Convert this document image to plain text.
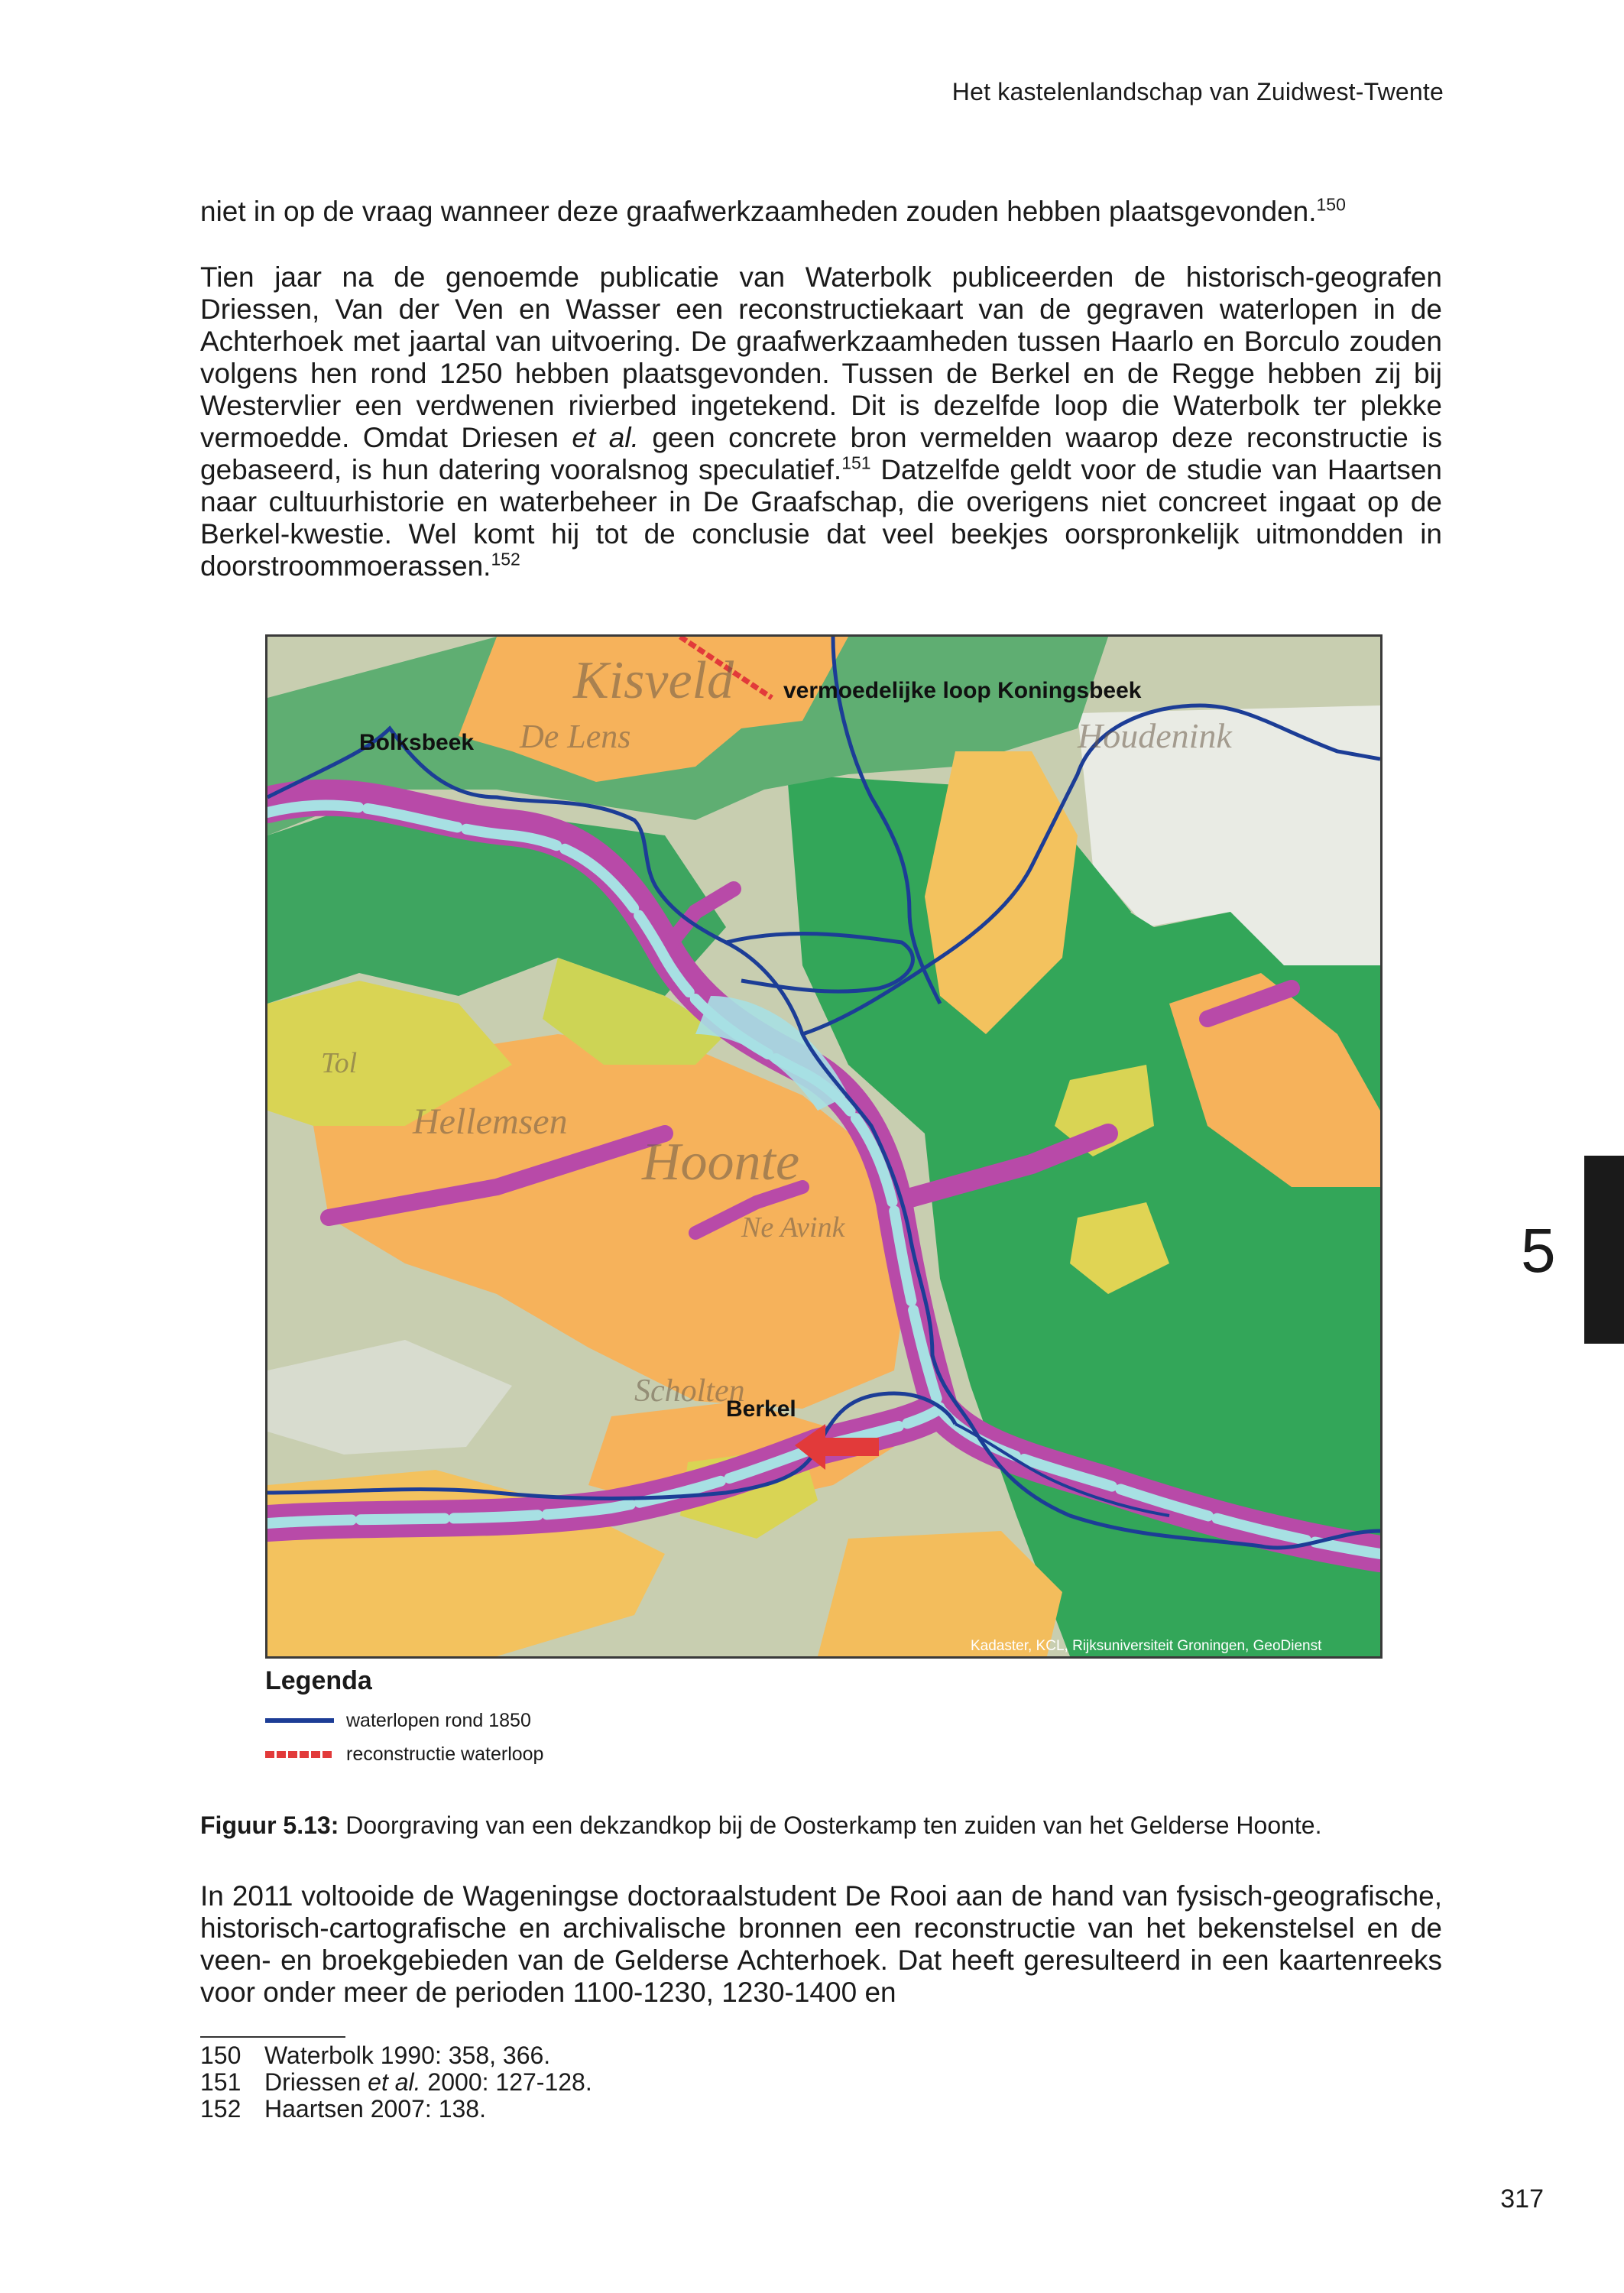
Het kastelenlandschap van Zuidwest-Twente

niet in op de vraag wanneer deze graafwerkzaamheden zouden hebben plaatsgevonden.$^{150}$

Tien jaar na de genoemde publicatie van Waterbolk publiceerden de historisch-geografen Driessen, Van der Ven en Wasser een reconstructiekaart van de gegraven waterlopen in de Achterhoek met jaartal van uitvoering. De graafwerkzaamheden tussen Haarlo en Borculo zouden volgens hen rond 1250 hebben plaatsgevonden. Tussen de Berkel en de Regge hebben zij bij Westervlier een verdwenen rivierbed ingetekend. Dit is dezelfde loop die Waterbolk ter plekke vermoedde. Omdat Driesen et al. geen concrete bron vermelden waarop deze reconstructie is gebaseerd, is hun datering vooralsnog speculatief.$^{151}$ Datzelfde geldt voor de studie van Haartsen naar cultuurhistorie en waterbeheer in De Graafschap, die overigens niet concreet ingaat op de Berkel-kwestie. Wel komt hij tot de conclusie dat veel beekjes oorspronkelijk uitmondden in doorstroommoerassen.$^{152}$

Kisveld
De Lens
Hoonte
Tol
Hellemsen
Houdenink
Scholten
Ne Avink
vermoedelijke loop Koningsbeek
Bolksbeek
Berkel
Kadaster, KCL, Rijksuniversiteit Groningen, GeoDienst
Legenda
waterlopen rond 1850
reconstructie waterloop
Figuur 5.13: Doorgraving van een dekzandkop bij de Oosterkamp ten zuiden van het Gelderse Hoonte.

In 2011 voltooide de Wageningse doctoraalstudent De Rooi aan de hand van fysisch-geografische, historisch-cartografische en archivalische bronnen een reconstructie van het bekenstelsel en de veen- en broekgebieden van de Gelderse Achterhoek. Dat heeft geresulteerd in een kaartenreeks voor onder meer de perioden 1100-1230, 1230-1400 en

150 Waterbolk 1990: 358, 366.
151 Driessen et al. 2000: 127-128.
152 Haartsen 2007: 138.
5
317
